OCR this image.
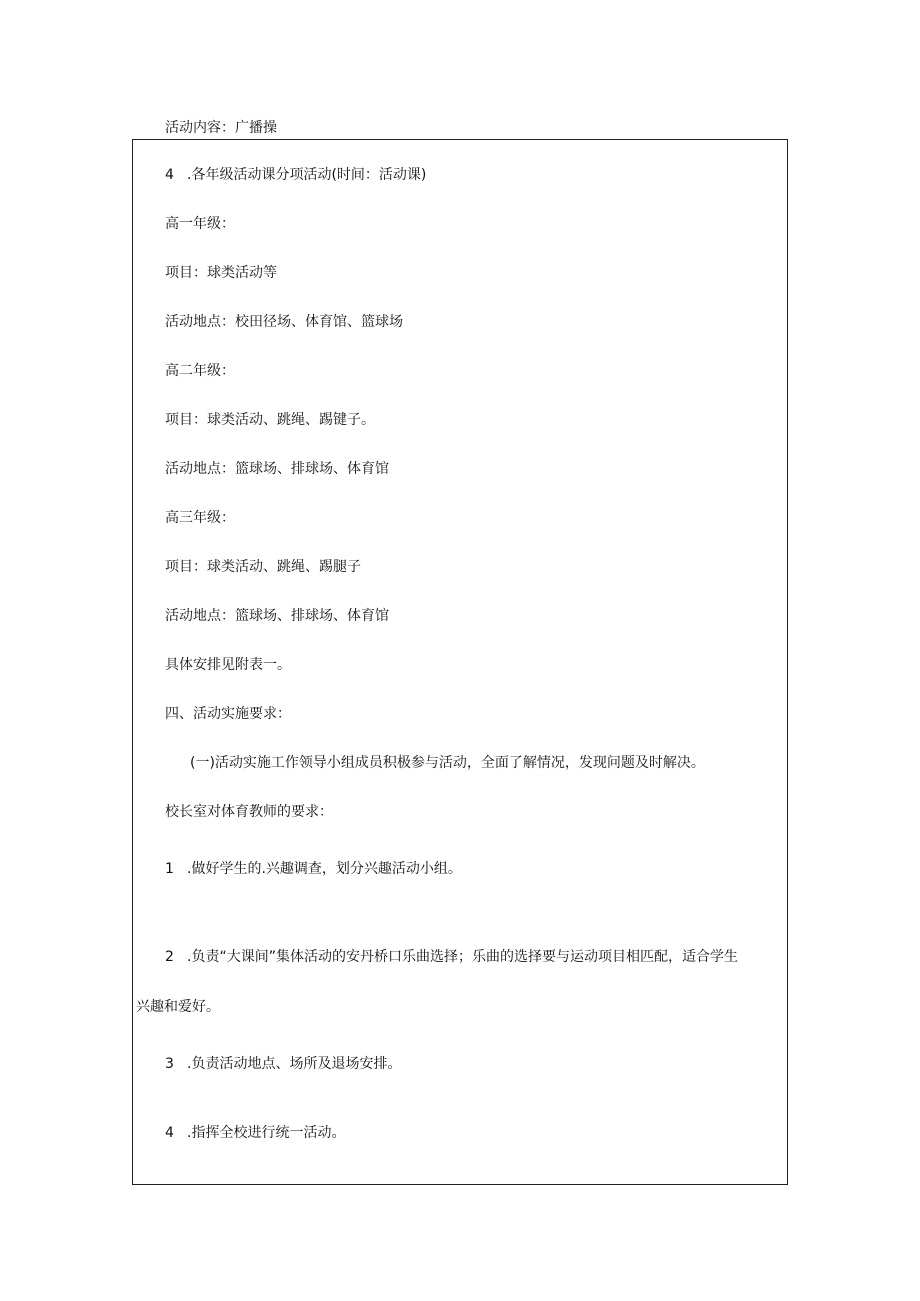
活动内容：广播操
4 .各年级活动课分项活动(时间：活动课)
高一年级：
项目：球类活动等
活动地点：校田径场、体育馆、篮球场
高二年级：
项目：球类活动、跳绳、踢键子。
活动地点：篮球场、排球场、体育馆
高三年级：
项目：球类活动、跳绳、踢腿子
活动地点：篮球场、排球场、体育馆
具体安排见附表一。
四、活动实施要求：
(一)活动实施工作领导小组成员积极参与活动，全面了解情况，发现问题及时解决。
校长室对体育教师的要求：
1 .做好学生的.兴趣调查，划分兴趣活动小组。
2 .负责“大课间”集体活动的安丹桥口乐曲选择；乐曲的选择要与运动项目相匹配，适合学生
兴趣和爱好。
3 .负责活动地点、场所及退场安排。
4 .指挥全校进行统一活动。
